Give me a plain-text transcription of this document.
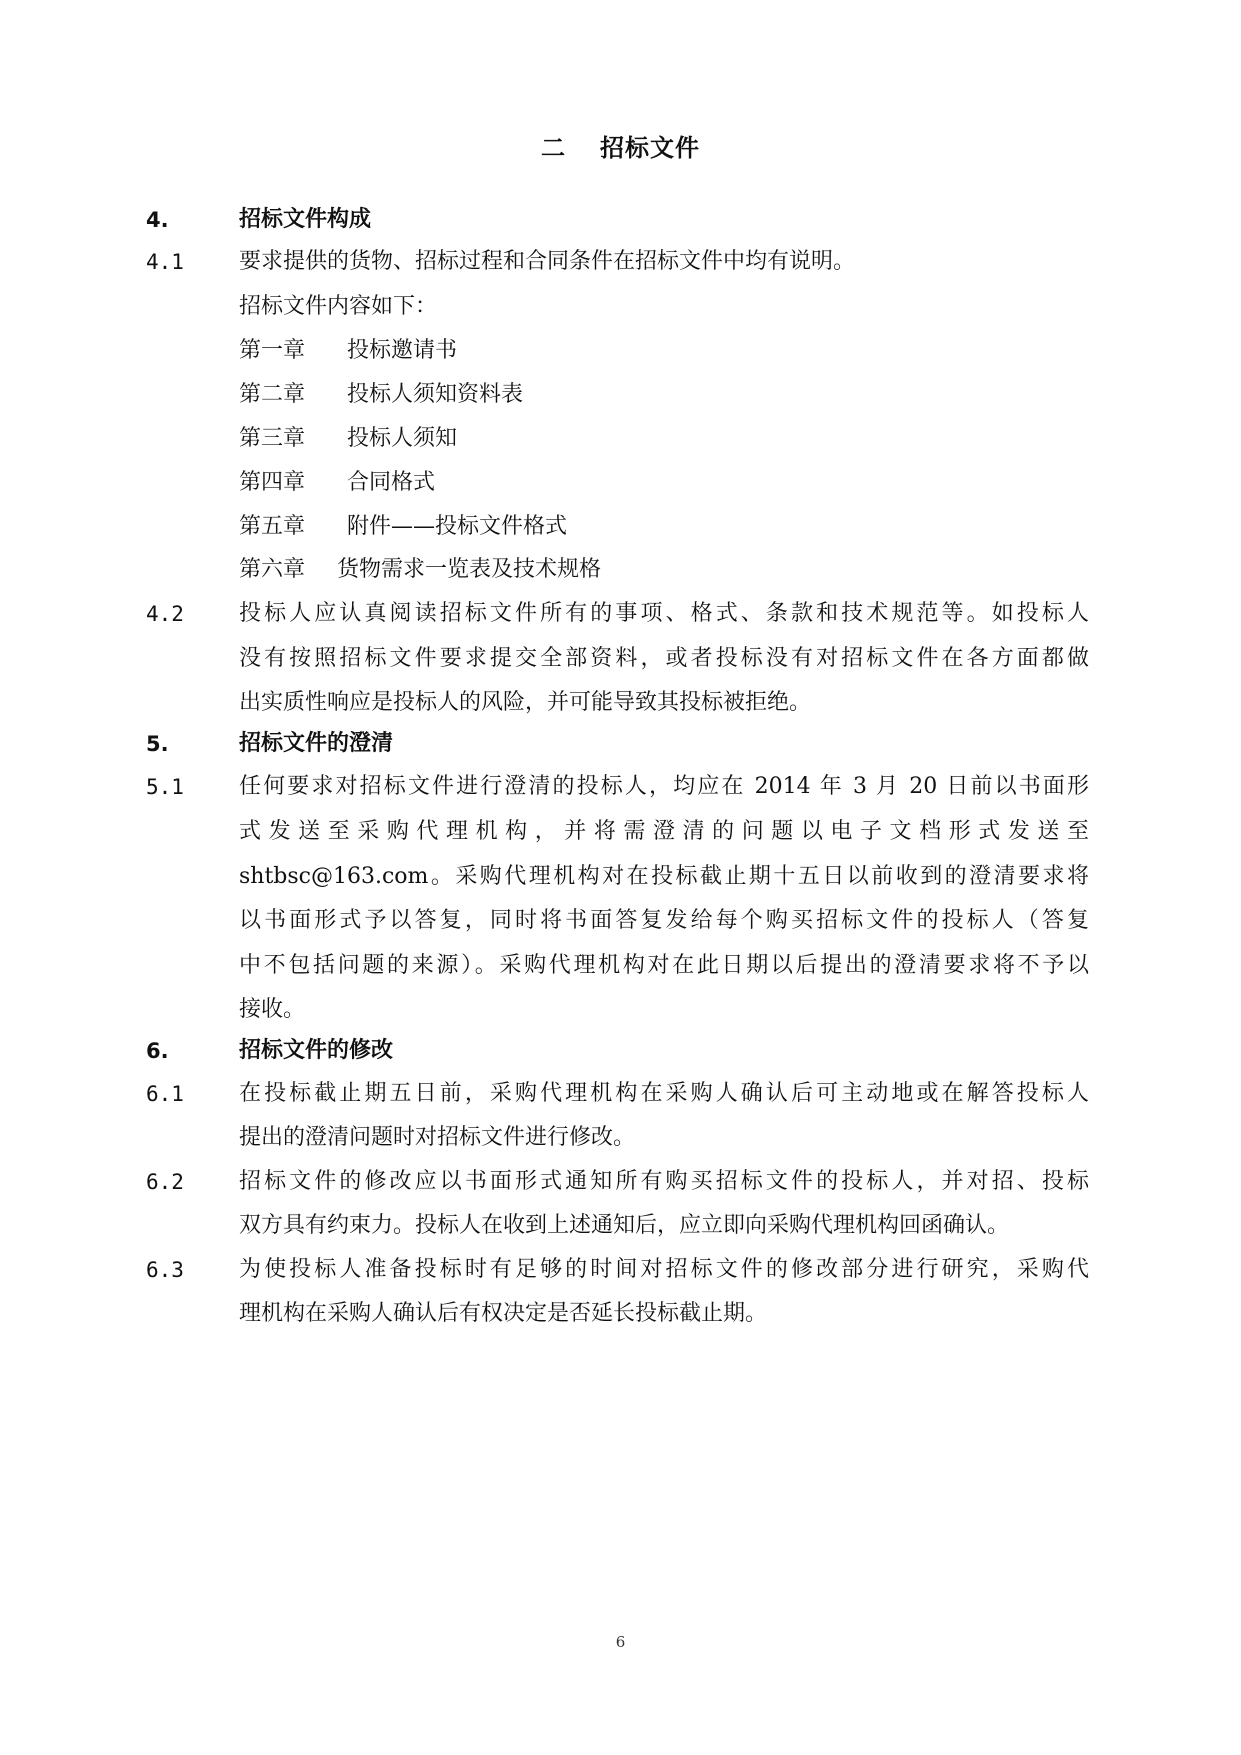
二 招标文件
4.	招标文件构成
4.1	要求提供的货物、招标过程和合同条件在招标文件中均有说明。
招标文件内容如下：
第一章 投标邀请书
第二章 投标人须知资料表
第三章 投标人须知
第四章 合同格式
第五章 附件——投标文件格式
第六章 货物需求一览表及技术规格
4.2	投标人应认真阅读招标文件所有的事项、格式、条款和技术规范等。如投标人
没有按照招标文件要求提交全部资料，或者投标没有对招标文件在各方面都做
出实质性响应是投标人的风险，并可能导致其投标被拒绝。
5.	招标文件的澄清
5.1	任何要求对招标文件进行澄清的投标人，均应在 2014 年 3 月 20 日前以书面形
式发送至采购代理机构，并将需澄清的问题以电子文档形式发送至
shtbsc@163.com。采购代理机构对在投标截止期十五日以前收到的澄清要求将
以书面形式予以答复，同时将书面答复发给每个购买招标文件的投标人（答复
中不包括问题的来源）。采购代理机构对在此日期以后提出的澄清要求将不予以
接收。
6.	招标文件的修改
6.1	在投标截止期五日前，采购代理机构在采购人确认后可主动地或在解答投标人
提出的澄清问题时对招标文件进行修改。
6.2	招标文件的修改应以书面形式通知所有购买招标文件的投标人，并对招、投标
双方具有约束力。投标人在收到上述通知后，应立即向采购代理机构回函确认。
6.3	为使投标人准备投标时有足够的时间对招标文件的修改部分进行研究，采购代
理机构在采购人确认后有权决定是否延长投标截止期。
6
